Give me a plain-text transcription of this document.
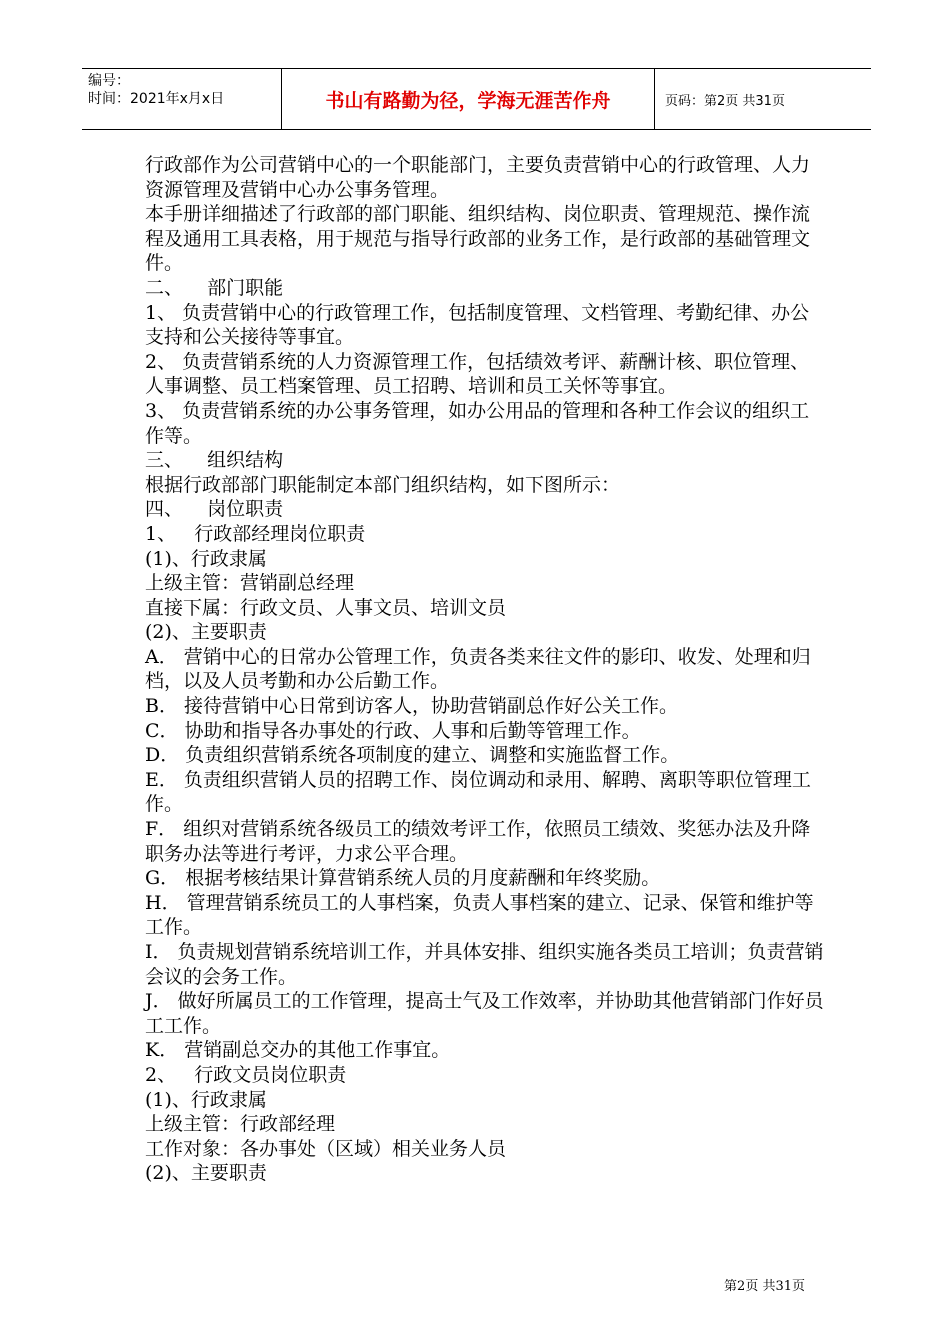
编号：
时间：2021年x月x日	书山有路勤为径，学海无涯苦作舟	页码：第2页 共31页

行政部作为公司营销中心的一个职能部门，主要负责营销中心的行政管理、人力资源管理及营销中心办公事务管理。

本手册详细描述了行政部的部门职能、组织结构、岗位职责、管理规范、操作流程及通用工具表格，用于规范与指导行政部的业务工作，是行政部的基础管理文件。

二、    部门职能

1、 负责营销中心的行政管理工作，包括制度管理、文档管理、考勤纪律、办公支持和公关接待等事宜。

2、 负责营销系统的人力资源管理工作，包括绩效考评、薪酬计核、职位管理、人事调整、员工档案管理、员工招聘、培训和员工关怀等事宜。

3、 负责营销系统的办公事务管理，如办公用品的管理和各种工作会议的组织工作等。

三、    组织结构

根据行政部部门职能制定本部门组织结构，如下图所示：

四、    岗位职责

1、   行政部经理岗位职责

(1)、行政隶属

上级主管：营销副总经理

直接下属：行政文员、人事文员、培训文员

(2)、主要职责

A． 营销中心的日常办公管理工作，负责各类来往文件的影印、收发、处理和归档，以及人员考勤和办公后勤工作。

B． 接待营销中心日常到访客人，协助营销副总作好公关工作。

C． 协助和指导各办事处的行政、人事和后勤等管理工作。

D． 负责组织营销系统各项制度的建立、调整和实施监督工作。

E． 负责组织营销人员的招聘工作、岗位调动和录用、解聘、离职等职位管理工作。

F． 组织对营销系统各级员工的绩效考评工作，依照员工绩效、奖惩办法及升降职务办法等进行考评，力求公平合理。

G． 根据考核结果计算营销系统人员的月度薪酬和年终奖励。

H． 管理营销系统员工的人事档案，负责人事档案的建立、记录、保管和维护等工作。

I． 负责规划营销系统培训工作，并具体安排、组织实施各类员工培训；负责营销会议的会务工作。

J． 做好所属员工的工作管理，提高士气及工作效率，并协助其他营销部门作好员工工作。

K． 营销副总交办的其他工作事宜。

2、   行政文员岗位职责

(1)、行政隶属

上级主管：行政部经理

工作对象：各办事处（区域）相关业务人员

(2)、主要职责

第2页 共31页
